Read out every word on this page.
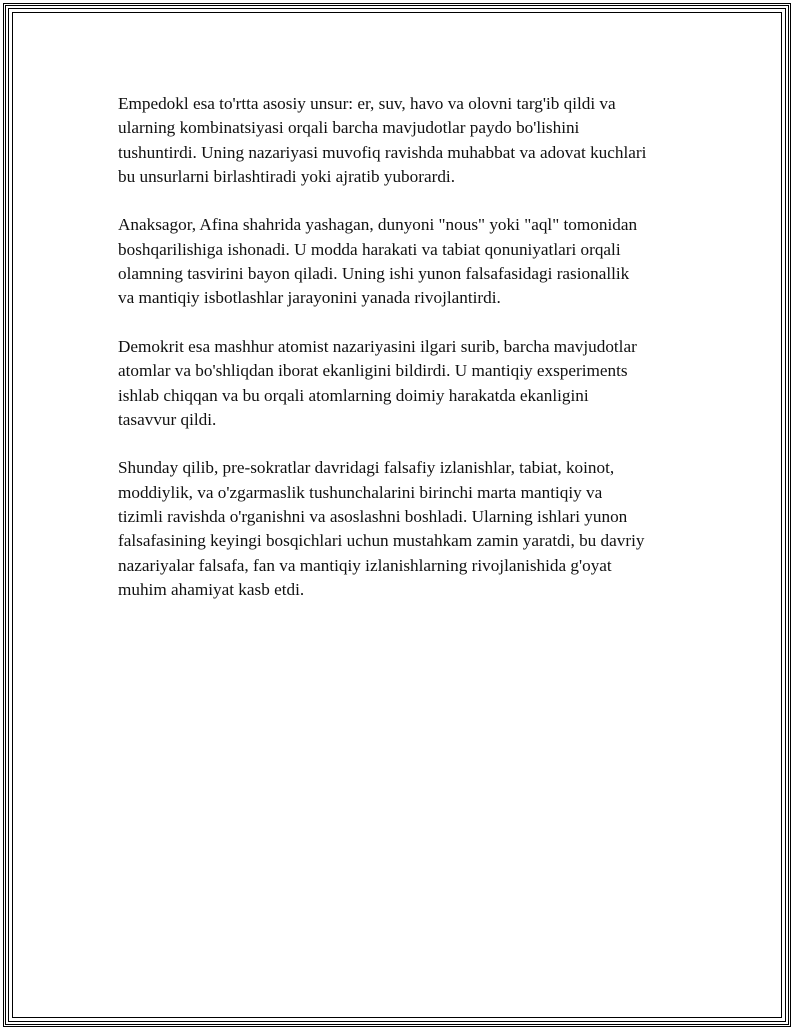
Empedokl esa to'rtta asosiy unsur: er, suv, havo va olovni targ'ib qildi va
ularning kombinatsiyasi orqali barcha mavjudotlar paydo bo'lishini
tushuntirdi. Uning nazariyasi muvofiq ravishda muhabbat va adovat kuchlari
bu unsurlarni birlashtiradi yoki ajratib yuborardi.

Anaksagor, Afina shahrida yashagan, dunyoni "nous" yoki "aql" tomonidan
boshqarilishiga ishonadi. U modda harakati va tabiat qonuniyatlari orqali
olamning tasvirini bayon qiladi. Uning ishi yunon falsafasidagi rasionallik
va mantiqiy isbotlashlar jarayonini yanada rivojlantirdi.

Demokrit esa mashhur atomist nazariyasini ilgari surib, barcha mavjudotlar
atomlar va bo'shliqdan iborat ekanligini bildirdi. U mantiqiy exsperiments
ishlab chiqqan va bu orqali atomlarning doimiy harakatda ekanligini
tasavvur qildi.

Shunday qilib, pre-sokratlar davridagi falsafiy izlanishlar, tabiat, koinot,
moddiylik, va o'zgarmaslik tushunchalarini birinchi marta mantiqiy va
tizimli ravishda o'rganishni va asoslashni boshladi. Ularning ishlari yunon
falsafasining keyingi bosqichlari uchun mustahkam zamin yaratdi, bu davriy
nazariyalar falsafa, fan va mantiqiy izlanishlarning rivojlanishida g'oyat
muhim ahamiyat kasb etdi.
